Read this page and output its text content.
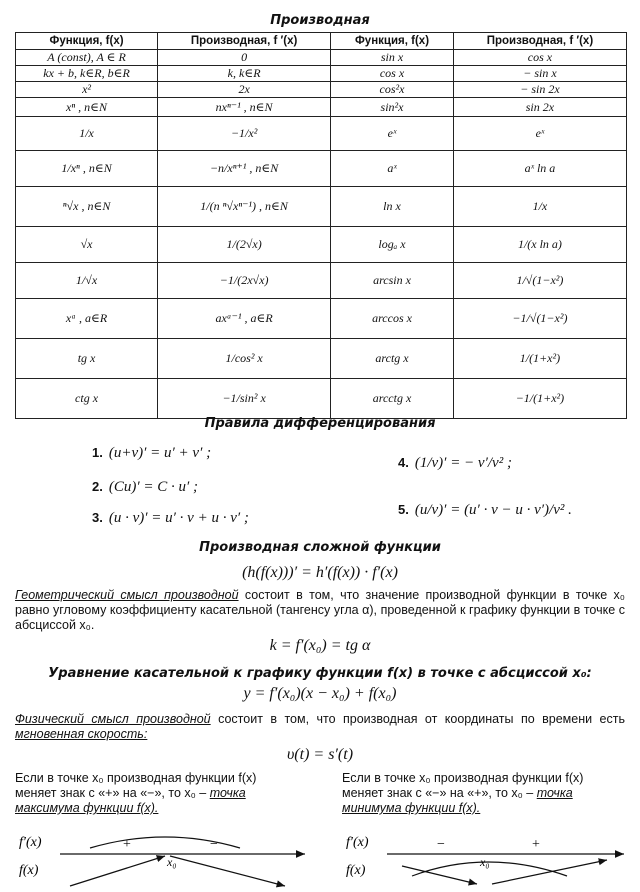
Производная
Функция, f(x)	Производная, f ′(x)	Функция, f(x)	Производная, f ′(x)
A (const), A ∈ R	0	sin x	cos x
kx + b, k∈R, b∈R	k, k∈R	cos x	− sin x
x²	2x	cos²x	− sin 2x
xⁿ , n∈N	nxⁿ⁻¹ , n∈N	sin²x	sin 2x
1/x	−1/x²	eˣ	eˣ
1/xⁿ , n∈N	−n/xⁿ⁺¹ , n∈N	aˣ	aˣ ln a
ⁿ√x , n∈N	1/(n ⁿ√xⁿ⁻¹) , n∈N	ln x	1/x
√x	1/(2√x)	logₐ x	1/(x ln a)
1/√x	−1/(2x√x)	arcsin x	1/√(1−x²)
xᵃ , a∈R	axᵃ⁻¹ , a∈R	arccos x	−1/√(1−x²)
tg x	1/cos² x	arctg x	1/(1+x²)
ctg x	−1/sin² x	arcctg x	−1/(1+x²)
Правила дифференцирования
1. (u+v)′ = u′ + v′ ;
2. (Cu)′ = C · u′ ;
3. (u · v)′ = u′ · v + u · v′ ;
4. (1/v)′ = − v′/v² ;
5. (u/v)′ = (u′ · v − u · v′)/v² .
Производная сложной функции
(h(f(x)))′ = h′(f(x)) · f′(x)
Геометрический смысл производной состоит в том, что значение производной функции в точке x₀ равно угловому коэффициенту касательной (тангенсу угла α), проведенной к графику функции в точке с абсциссой x₀.
k = f′(x₀) = tg α
Уравнение касательной к графику функции f(x) в точке с абсциссой x₀:
y = f′(x₀)(x − x₀) + f(x₀)
Физический смысл производной состоит в том, что производная от координаты по времени есть мгновенная скорость:
υ(t) = s′(t)
Если в точке x₀ производная функции f(x) меняет знак с «+» на «−», то x₀ – точка максимума функции f(x).
Если в точке x₀ производная функции f(x) меняет знак с «−» на «+», то x₀ – точка минимума функции f(x).
f′(x)
f(x)
+	−
x₀
f′(x)
f(x)
−	+
x₀
